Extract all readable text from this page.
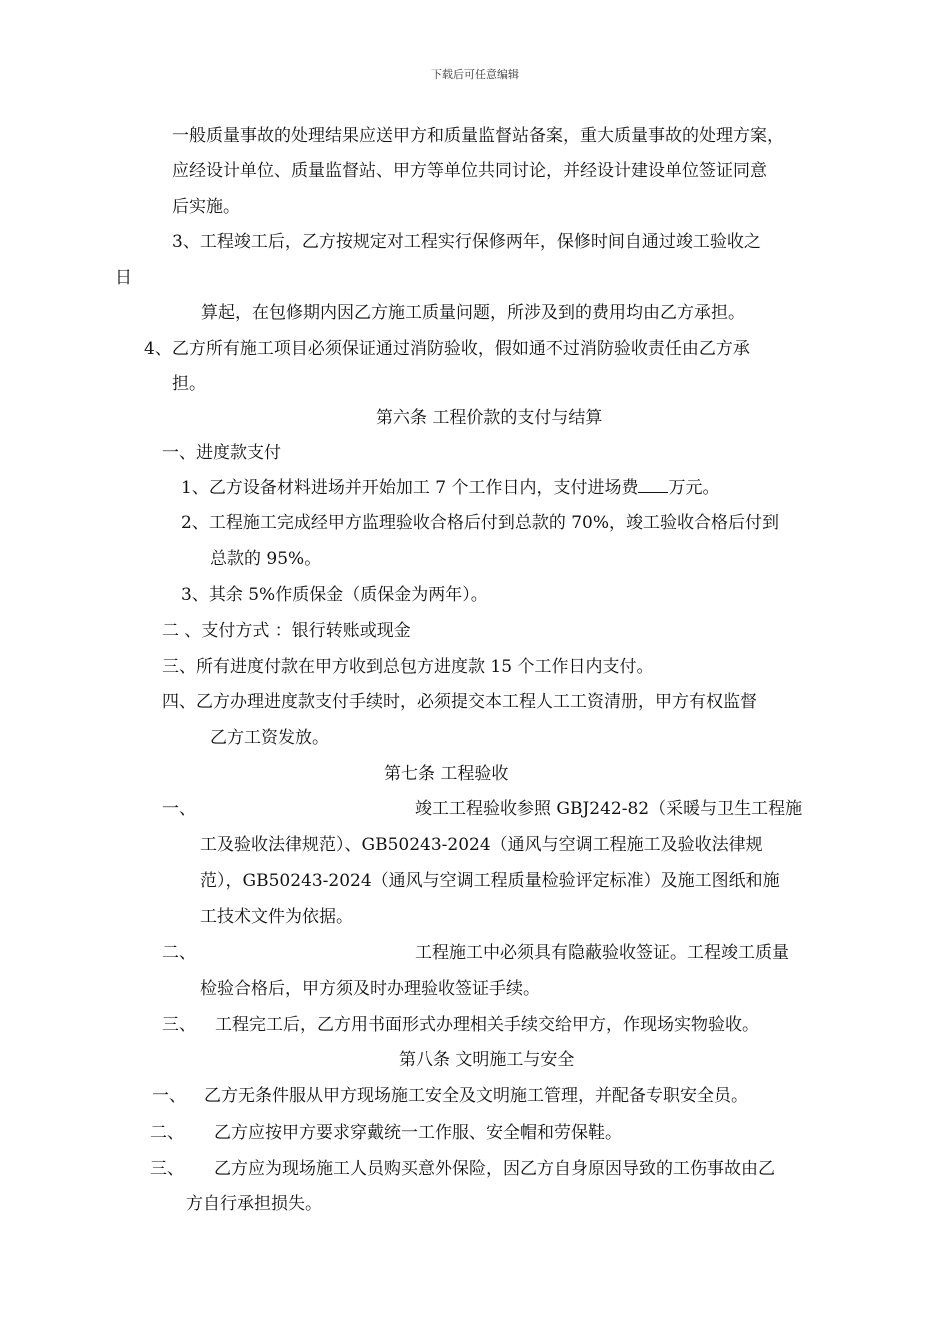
下载后可任意编辑
一般质量事故的处理结果应送甲方和质量监督站备案，重大质量事故的处理方案，
应经设计单位、质量监督站、甲方等单位共同讨论，并经设计建设单位签证同意
后实施。
3、工程竣工后，乙方按规定对工程实行保修两年，保修时间自通过竣工验收之
日
算起，在包修期内因乙方施工质量问题，所涉及到的费用均由乙方承担。
4、乙方所有施工项目必须保证通过消防验收，假如通不过消防验收责任由乙方承
担。
第六条 工程价款的支付与结算
一、进度款支付
1、乙方设备材料进场并开始加工 7 个工作日内，支付进场费 万元。
2、工程施工完成经甲方监理验收合格后付到总款的 70%，竣工验收合格后付到
总款的 95%。
3、其余 5%作质保金（质保金为两年）。
二 、支付方式 ：银行转账或现金
三、所有进度付款在甲方收到总包方进度款 15 个工作日内支付。
四、乙方办理进度款支付手续时，必须提交本工程人工工资清册，甲方有权监督
乙方工资发放。
第七条 工程验收
一、	竣工工程验收参照 GBJ242-82（采暖与卫生工程施
工及验收法律规范）、GB50243-2024（通风与空调工程施工及验收法律规
范），GB50243-2024（通风与空调工程质量检验评定标准）及施工图纸和施
工技术文件为依据。
二、	工程施工中必须具有隐蔽验收签证。工程竣工质量
检验合格后，甲方须及时办理验收签证手续。
三、 工程完工后，乙方用书面形式办理相关手续交给甲方，作现场实物验收。
第八条 文明施工与安全
一、 乙方无条件服从甲方现场施工安全及文明施工管理，并配备专职安全员。
二、 乙方应按甲方要求穿戴统一工作服、安全帽和劳保鞋。
三、 乙方应为现场施工人员购买意外保险，因乙方自身原因导致的工伤事故由乙
方自行承担损失。
